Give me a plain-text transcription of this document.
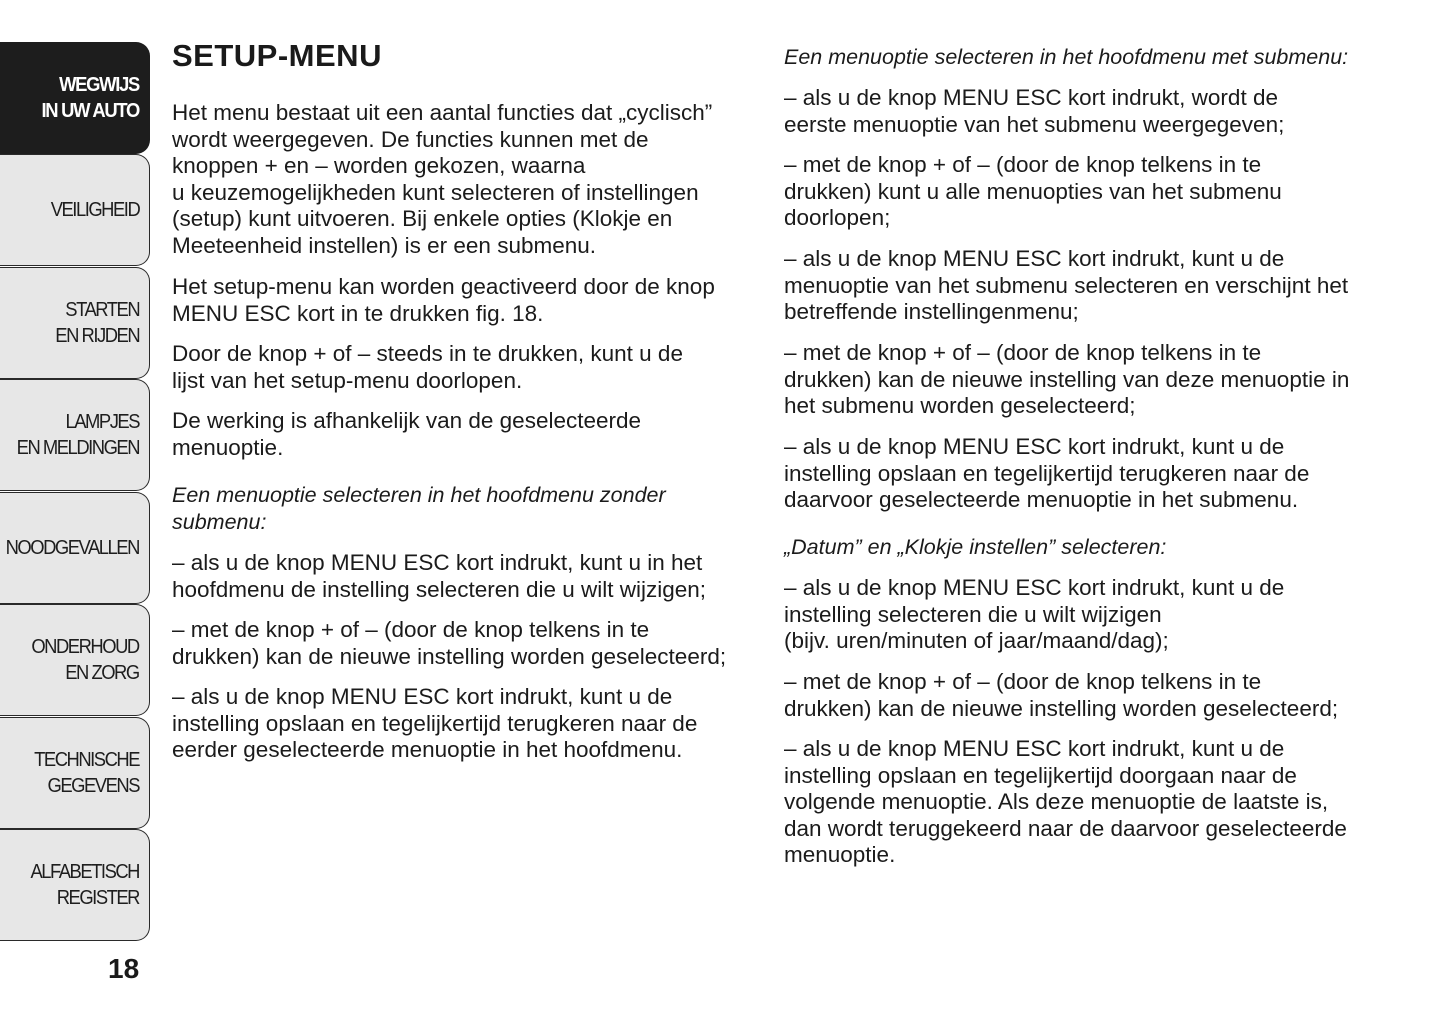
WEGWIJS
IN UW AUTO
VEILIGHEID
STARTEN
EN RIJDEN
LAMPJES
EN MELDINGEN
NOODGEVALLEN
ONDERHOUD
EN ZORG
TECHNISCHE
GEGEVENS
ALFABETISCH
REGISTER
18
SETUP-MENU

Het menu bestaat uit een aantal functies dat „cyclisch”
wordt weergegeven. De functies kunnen met de
knoppen + en – worden gekozen, waarna
u keuzemogelijkheden kunt selecteren of instellingen
(setup) kunt uitvoeren. Bij enkele opties (Klokje en
Meeteenheid instellen) is er een submenu.

Het setup-menu kan worden geactiveerd door de knop
MENU ESC kort in te drukken fig. 18.

Door de knop + of – steeds in te drukken, kunt u de
lijst van het setup-menu doorlopen.

De werking is afhankelijk van de geselecteerde
menuoptie.

Een menuoptie selecteren in het hoofdmenu zonder
submenu:

– als u de knop MENU ESC kort indrukt, kunt u in het
hoofdmenu de instelling selecteren die u wilt wijzigen;

– met de knop + of – (door de knop telkens in te
drukken) kan de nieuwe instelling worden geselecteerd;

– als u de knop MENU ESC kort indrukt, kunt u de
instelling opslaan en tegelijkertijd terugkeren naar de
eerder geselecteerde menuoptie in het hoofdmenu.

Een menuoptie selecteren in het hoofdmenu met submenu:

– als u de knop MENU ESC kort indrukt, wordt de
eerste menuoptie van het submenu weergegeven;

– met de knop + of – (door de knop telkens in te
drukken) kunt u alle menuopties van het submenu
doorlopen;

– als u de knop MENU ESC kort indrukt, kunt u de
menuoptie van het submenu selecteren en verschijnt het
betreffende instellingenmenu;

– met de knop + of – (door de knop telkens in te
drukken) kan de nieuwe instelling van deze menuoptie in
het submenu worden geselecteerd;

– als u de knop MENU ESC kort indrukt, kunt u de
instelling opslaan en tegelijkertijd terugkeren naar de
daarvoor geselecteerde menuoptie in het submenu.

„Datum” en „Klokje instellen” selecteren:

– als u de knop MENU ESC kort indrukt, kunt u de
instelling selecteren die u wilt wijzigen
(bijv. uren/minuten of jaar/maand/dag);

– met de knop + of – (door de knop telkens in te
drukken) kan de nieuwe instelling worden geselecteerd;

– als u de knop MENU ESC kort indrukt, kunt u de
instelling opslaan en tegelijkertijd doorgaan naar de
volgende menuoptie. Als deze menuoptie de laatste is,
dan wordt teruggekeerd naar de daarvoor geselecteerde
menuoptie.
